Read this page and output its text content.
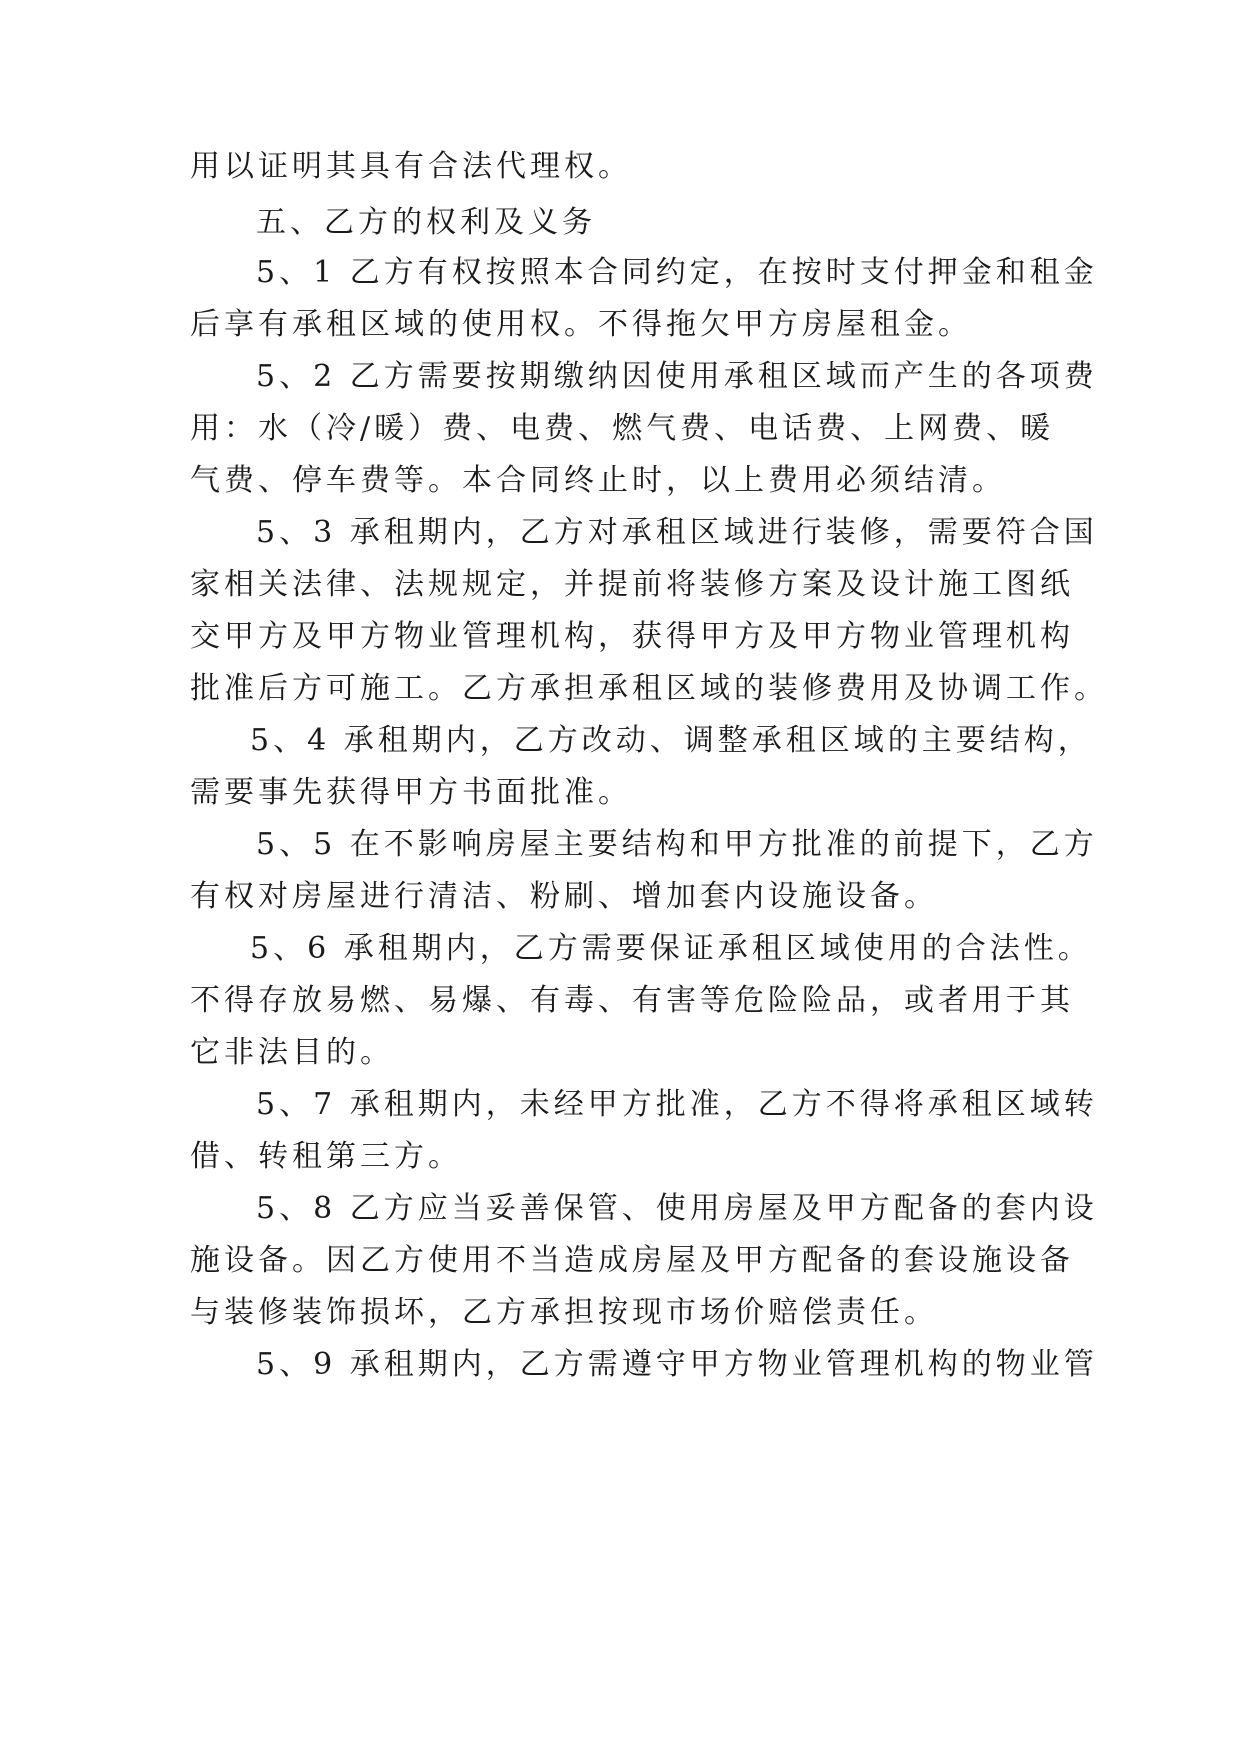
用以证明其具有合法代理权。
五、乙方的权利及义务
5、1 乙方有权按照本合同约定，在按时支付押金和租金
后享有承租区域的使用权。不得拖欠甲方房屋租金。
5、2 乙方需要按期缴纳因使用承租区域而产生的各项费
用：水（冷/暖）费、电费、燃气费、电话费、上网费、暖
气费、停车费等。本合同终止时，以上费用必须结清。
5、3 承租期内，乙方对承租区域进行装修，需要符合国
家相关法律、法规规定，并提前将装修方案及设计施工图纸
交甲方及甲方物业管理机构，获得甲方及甲方物业管理机构
批准后方可施工。乙方承担承租区域的装修费用及协调工作。
5、4 承租期内，乙方改动、调整承租区域的主要结构，
需要事先获得甲方书面批准。
5、5 在不影响房屋主要结构和甲方批准的前提下，乙方
有权对房屋进行清洁、粉刷、增加套内设施设备。
5、6 承租期内，乙方需要保证承租区域使用的合法性。
不得存放易燃、易爆、有毒、有害等危险险品，或者用于其
它非法目的。
5、7 承租期内，未经甲方批准，乙方不得将承租区域转
借、转租第三方。
5、8 乙方应当妥善保管、使用房屋及甲方配备的套内设
施设备。因乙方使用不当造成房屋及甲方配备的套设施设备
与装修装饰损坏，乙方承担按现市场价赔偿责任。
5、9 承租期内，乙方需遵守甲方物业管理机构的物业管
